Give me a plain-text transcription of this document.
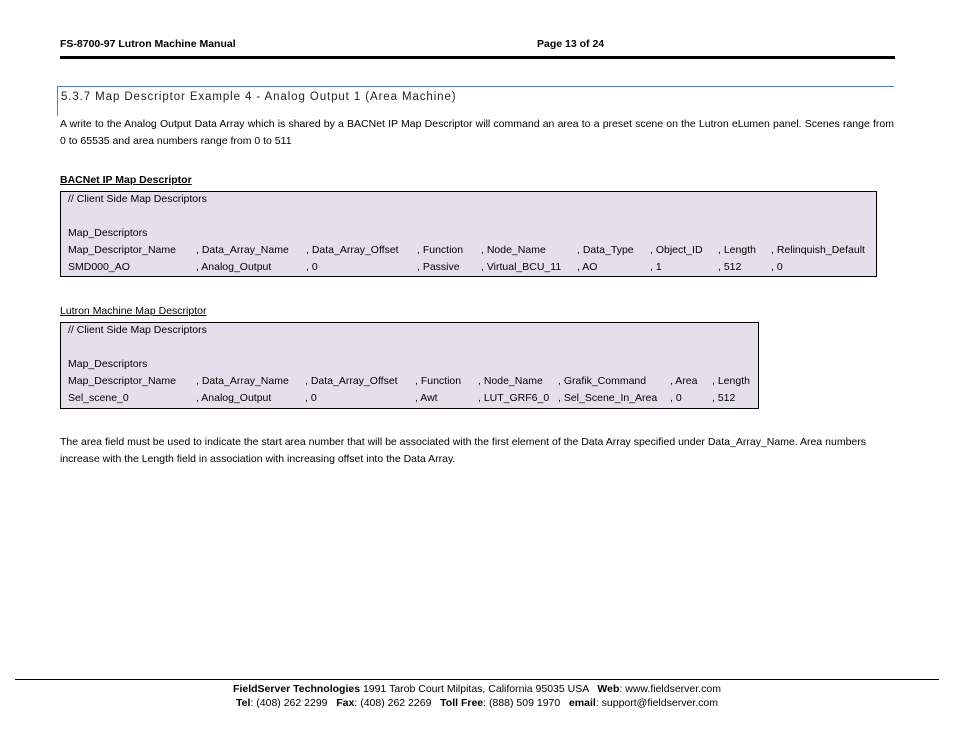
FS-8700-97 Lutron Machine Manual	Page 13 of 24
5.3.7 Map Descriptor Example 4 - Analog Output 1 (Area Machine)
A write to the Analog Output Data Array which is shared by a BACNet IP Map Descriptor will command an area to a preset scene on the Lutron eLumen panel. Scenes range from 0 to 65535 and area numbers range from 0 to 511
BACNet IP Map Descriptor
// Client Side Map Descriptors
Map_Descriptors
Map_Descriptor_Name , Data_Array_Name , Data_Array_Offset , Function , Node_Name	, Data_Type , Object_ID , Length , Relinquish_Default
SMD000_AO	, Analog_Output	, 0	, Passive , Virtual_BCU_11 , AO	, 1	, 512	, 0
Lutron Machine Map Descriptor
// Client Side Map Descriptors
Map_Descriptors
Map_Descriptor_Name , Data_Array_Name , Data_Array_Offset , Function , Node_Name , Grafik_Command , Area , Length
Sel_scene_0	, Analog_Output	, 0	, Awt	, LUT_GRF6_0 , Sel_Scene_In_Area , 0	, 512
The area field must be used to indicate the start area number that will be associated with the first element of the Data Array specified under Data_Array_Name. Area numbers increase with the Length field in association with increasing offset into the Data Array.
FieldServer Technologies 1991 Tarob Court Milpitas, California 95035 USA   Web: www.fieldserver.com
Tel: (408) 262 2299   Fax: (408) 262 2269   Toll Free: (888) 509 1970   email: support@fieldserver.com
